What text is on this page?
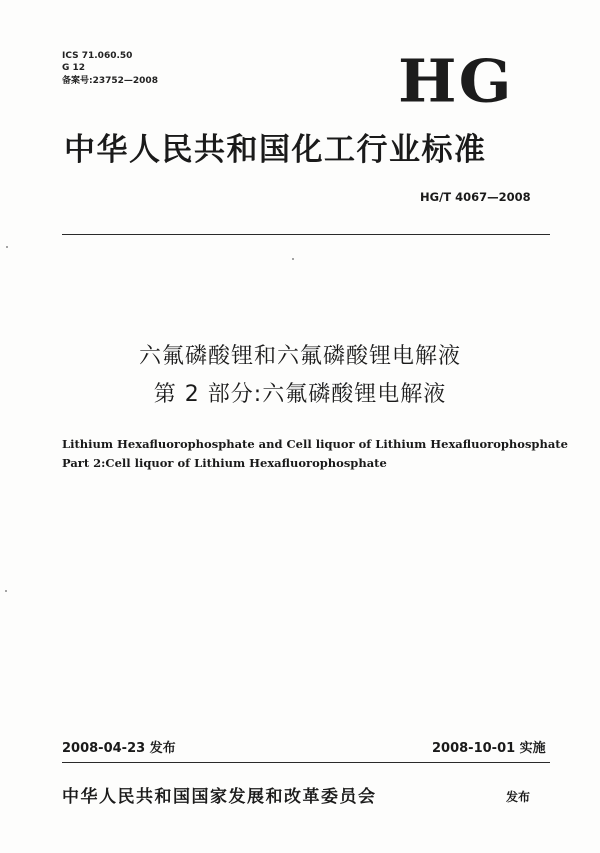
ICS 71.060.50
G 12
备案号:23752—2008	HG
中华人民共和国化工行业标准
HG/T 4067—2008
六氟磷酸锂和六氟磷酸锂电解液
第 2 部分:六氟磷酸锂电解液
Lithium Hexafluorophosphate and Cell liquor of Lithium Hexafluorophosphate
Part 2:Cell liquor of Lithium Hexafluorophosphate
2008-04-23 发布	2008-10-01 实施
中华人民共和国国家发展和改革委员会	发布
